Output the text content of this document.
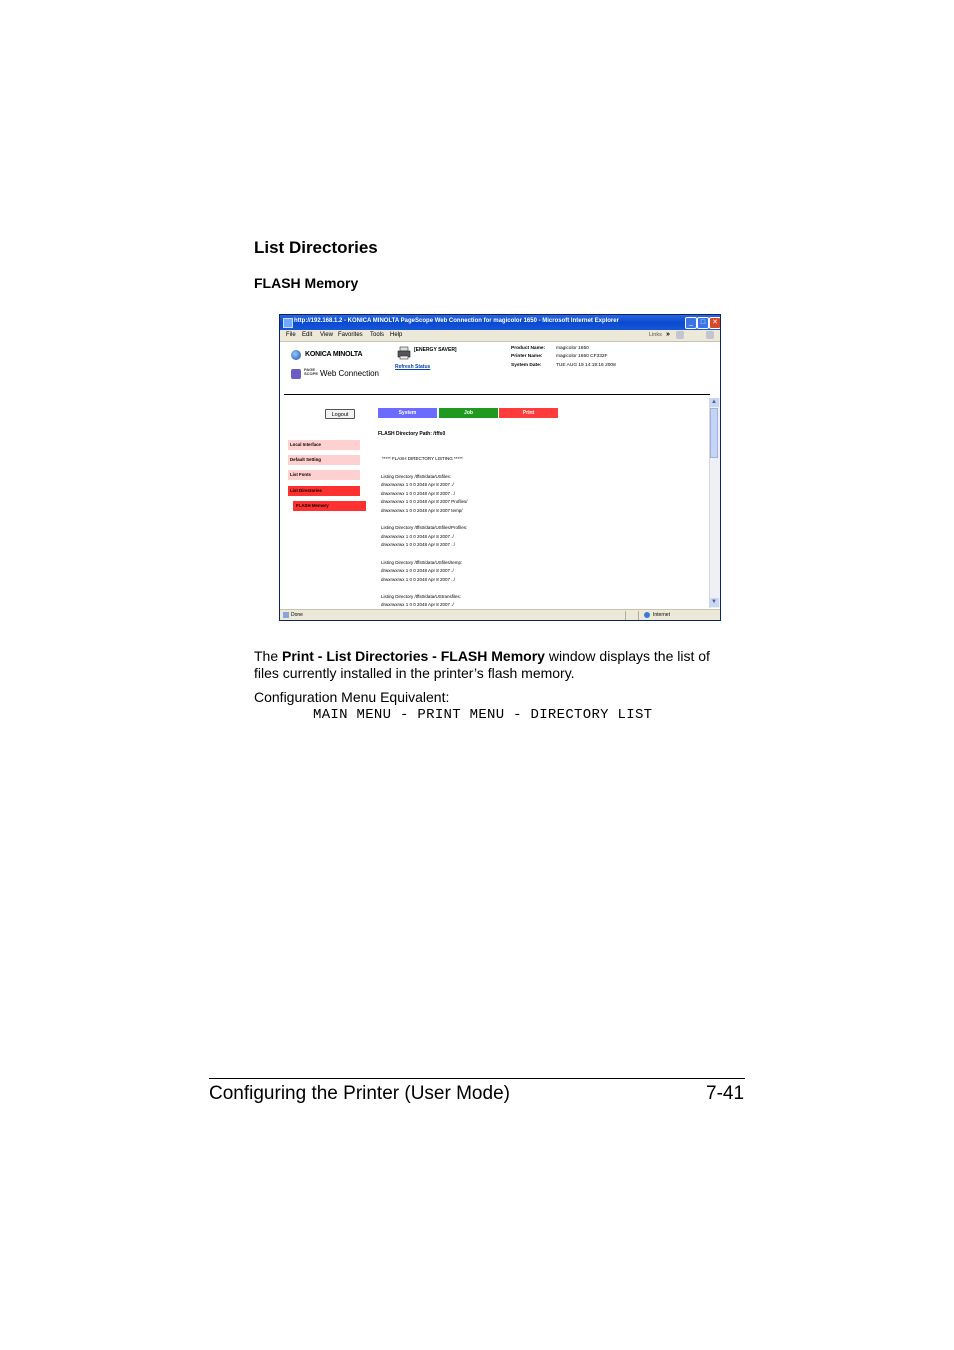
List Directories
FLASH Memory
http://192.168.1.2 - KONICA MINOLTA PageScope Web Connection for magicolor 1650 - Microsoft Internet Explorer	_	□ ✕
File Edit View Favorites Tools Help	Links »
KONICA MINOLTA
PAGE SCOPE Web Connection
[ENERGY SAVER]
Refresh Status
Product Name: magicolor 1650
Printer Name:	magicolor 1650 CF332F
System Date:	TUE AUG 19 14:19:16 2008
▲
▼
Logout	System	Job	Print
Local Interface
Default Setting
List Fonts
List Directories
FLASH Memory
FLASH Directory Path: /tffs0
***** FLASH DIRECTORY LISTING *****
Listing Directory /tffs0/data/USfiles:
drwxrwxrwx 1 0 0 2048 Apr 8 2007 ./
drwxrwxrwx 1 0 0 2048 Apr 8 2007 ../
drwxrwxrwx 1 0 0 2048 Apr 8 2007 Profiles/
drwxrwxrwx 1 0 0 2048 Apr 8 2007 temp/
Listing Directory /tffs0/data/USfiles/Profiles:
drwxrwxrwx 1 0 0 2048 Apr 8 2007 ./
drwxrwxrwx 1 0 0 2048 Apr 8 2007 ../
Listing Directory /tffs0/data/USfiles/temp:
drwxrwxrwx 1 0 0 2048 Apr 8 2007 ./
drwxrwxrwx 1 0 0 2048 Apr 8 2007 ../
Listing Directory /tffs0/data/UStransfiles:
drwxrwxrwx 1 0 0 2048 Apr 8 2007 ./
Done	Internet
The Print - List Directories - FLASH Memory window displays the list of files currently installed in the printer’s flash memory.
Configuration Menu Equivalent:
MAIN MENU - PRINT MENU - DIRECTORY LIST
Configuring the Printer (User Mode)	7-41
